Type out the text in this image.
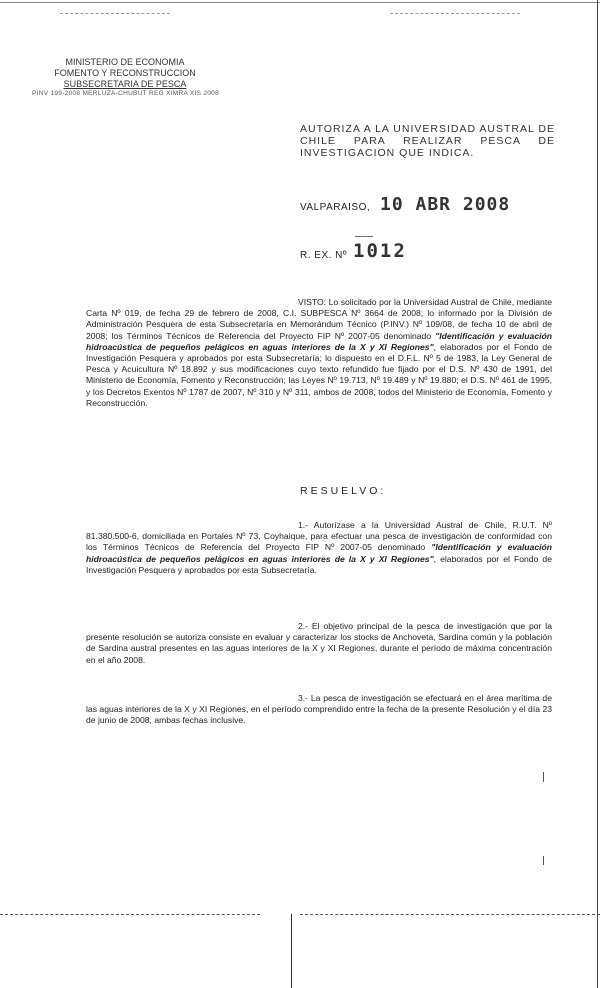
MINISTERIO DE ECONOMIA
FOMENTO Y RECONSTRUCCION
SUBSECRETARIA DE PESCA
PINV 199-2008 MERLUZA-CHUBUT REG XIMRA XIS 2008
AUTORIZA A LA UNIVERSIDAD AUSTRAL DE CHILE PARA REALIZAR PESCA DE INVESTIGACION QUE INDICA.
VALPARAISO, 10 ABR 2008
R. EX. Nº 1012
VISTO: Lo solicitado por la Universidad Austral de Chile, mediante Carta Nº 019, de fecha 29 de febrero de 2008, C.I. SUBPESCA Nº 3664 de 2008; lo informado por la División de Administración Pesquera de esta Subsecretaría en Memorándum Técnico (P.INV.) Nº 109/08, de fecha 10 de abril de 2008; los Términos Técnicos de Referencia del Proyecto FIP Nº 2007-05 denominado "Identificación y evaluación hidroacústica de pequeños pelágicos en aguas interiores de la X y XI Regiones", elaborados por el Fondo de Investigación Pesquera y aprobados por esta Subsecretaría; lo dispuesto en el D.F.L. Nº 5 de 1983, la Ley General de Pesca y Acuicultura Nº 18.892 y sus modificaciones cuyo texto refundido fue fijado por el D.S. Nº 430 de 1991, del Ministerio de Economía, Fomento y Reconstrucción; las Leyes Nº 19.713, Nº 19.489 y Nº 19.880; el D.S. Nº 461 de 1995, y los Decretos Exentos Nº 1787 de 2007, Nº 310 y Nº 311, ambos de 2008, todos del Ministerio de Economía, Fomento y Reconstrucción.
RESUELVO:
1.- Autorízase a la Universidad Austral de Chile, R.U.T. Nº 81.380.500-6, domiciliada en Portales Nº 73, Coyhaique, para efectuar una pesca de investigación de conformidad con los Términos Técnicos de Referencia del Proyecto FIP Nº 2007-05 denominado "Identificación y evaluación hidroacústica de pequeños pelágicos en aguas interiores de la X y XI Regiones", elaborados por el Fondo de Investigación Pesquera y aprobados por esta Subsecretaría.
2.- El objetivo principal de la pesca de investigación que por la presente resolución se autoriza consiste en evaluar y caracterizar los stocks de Anchoveta, Sardina común y la población de Sardina austral presentes en las aguas interiores de la X y XI Regiones, durante el período de máxima concentración en el año 2008.
3.- La pesca de investigación se efectuará en el área marítima de las aguas interiores de la X y XI Regiones, en el período comprendido entre la fecha de la presente Resolución y el día 23 de junio de 2008, ambas fechas inclusive.
